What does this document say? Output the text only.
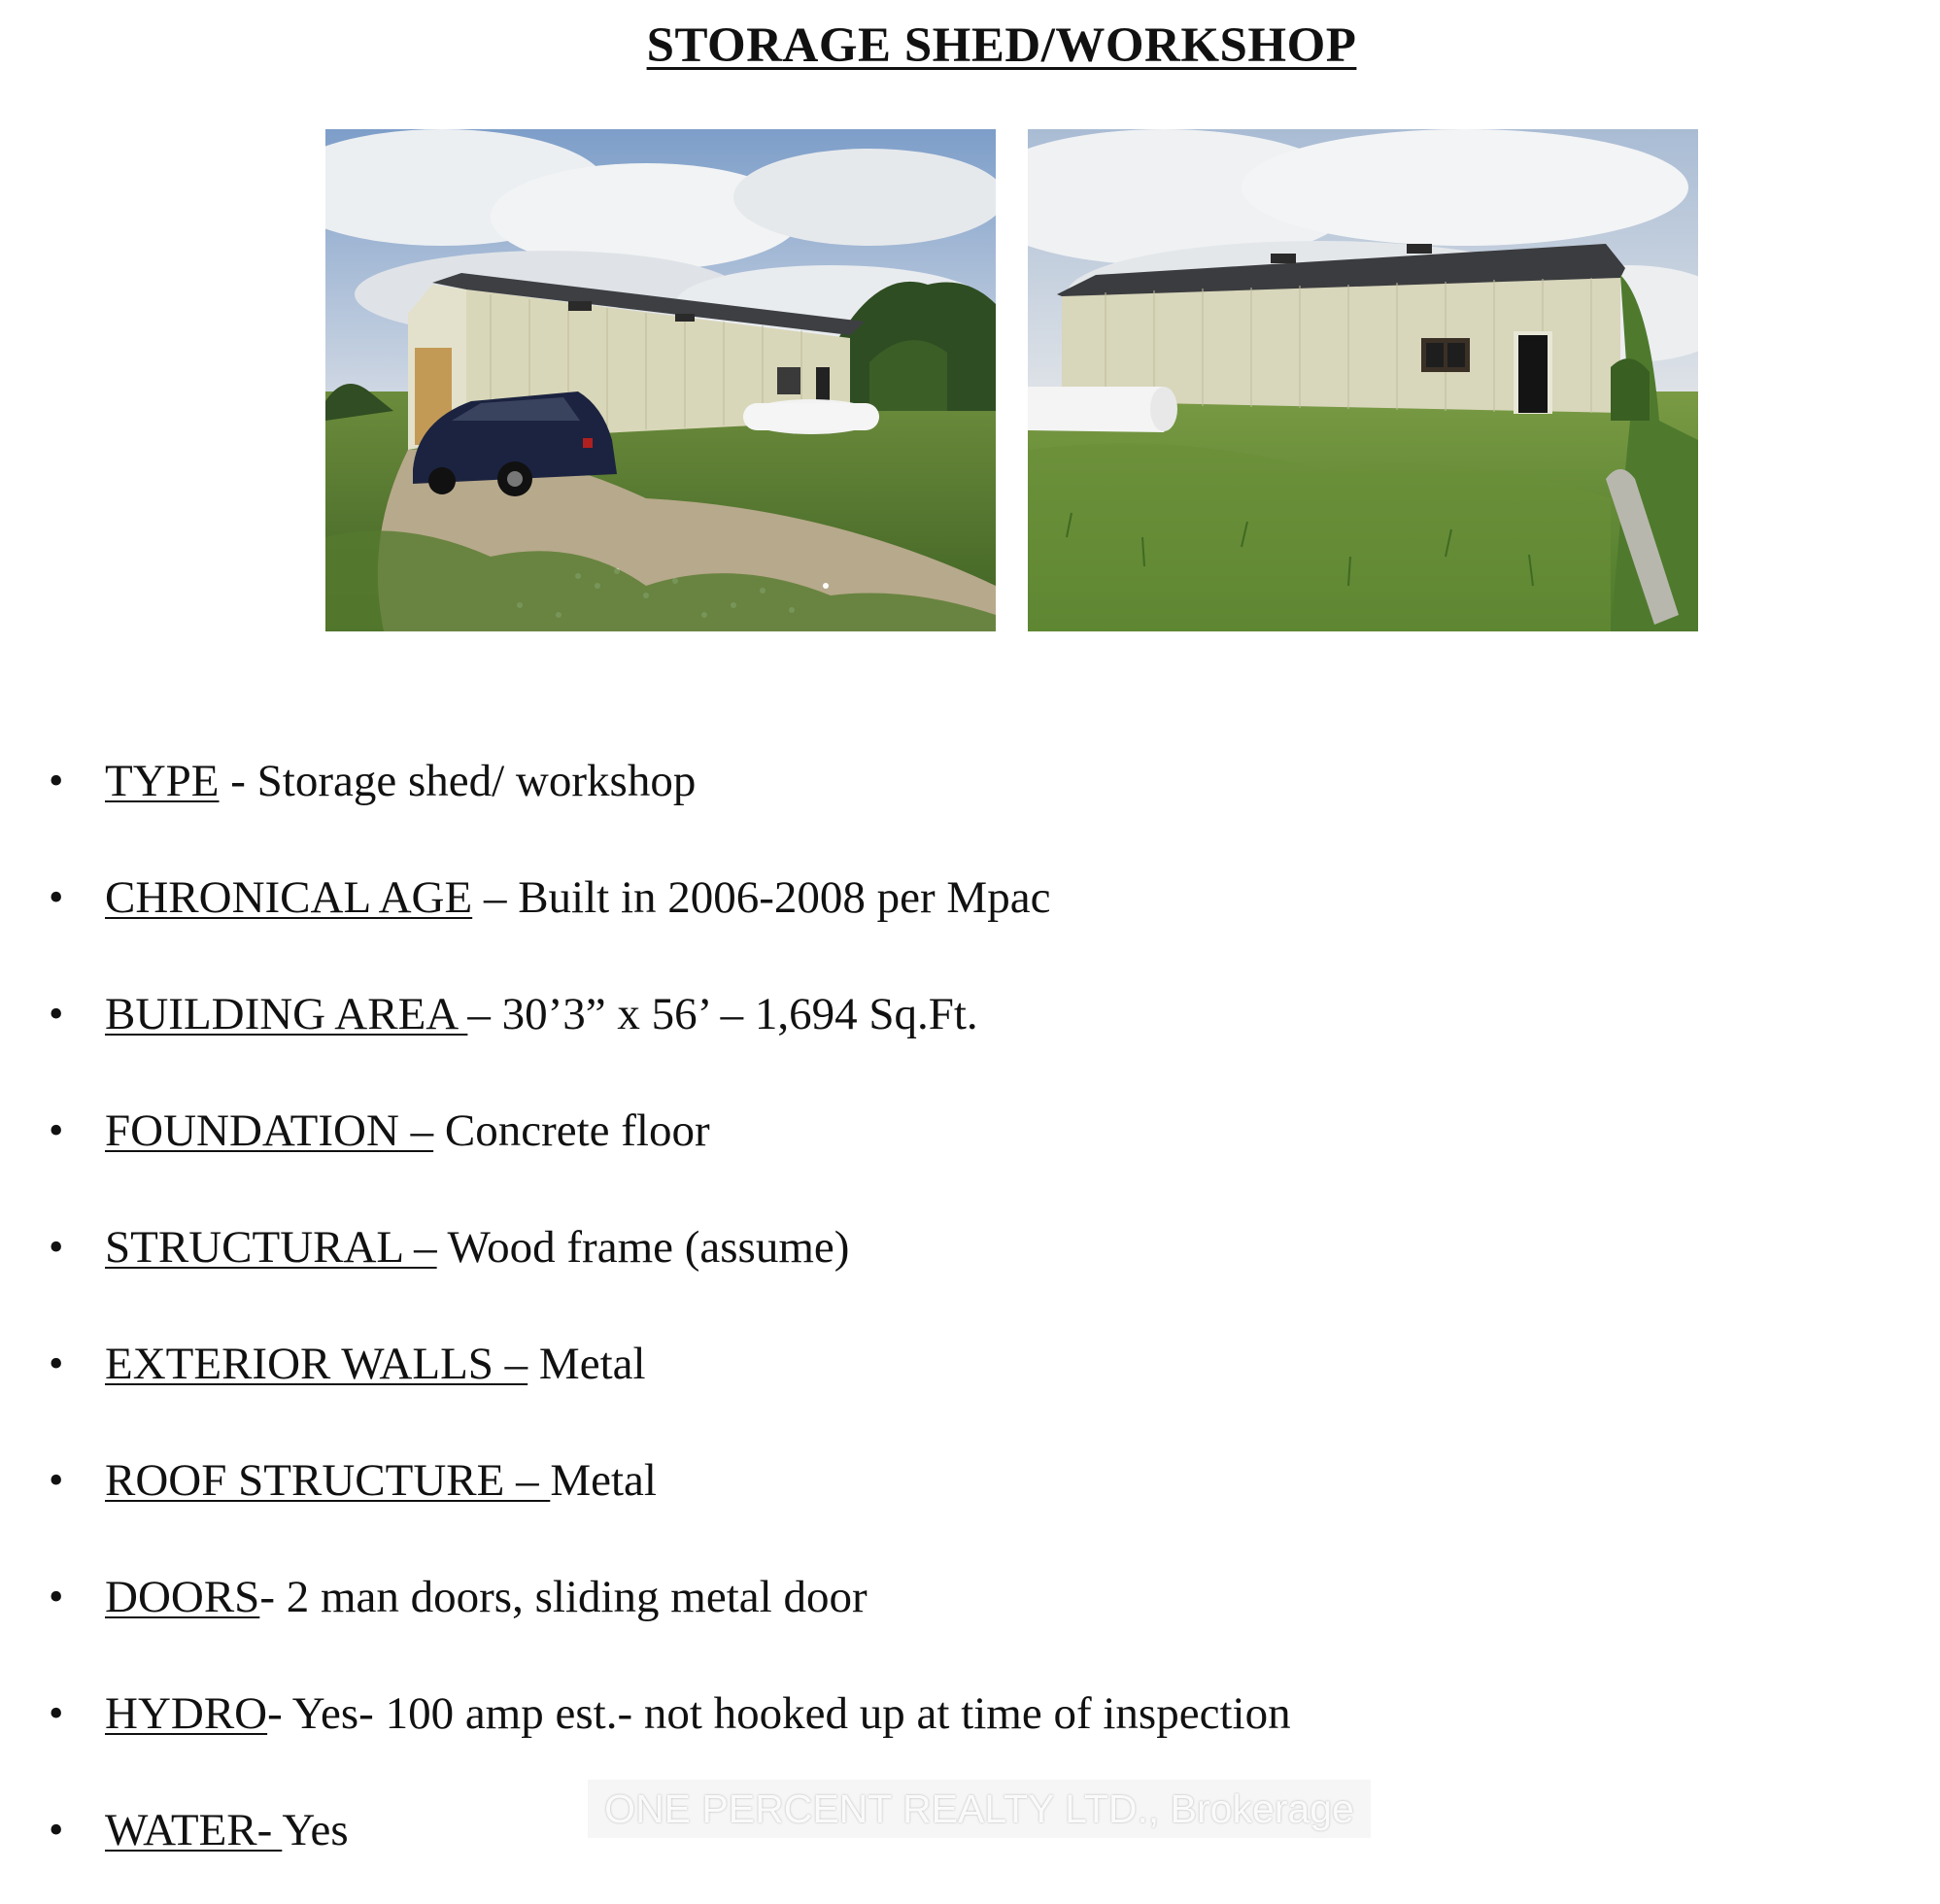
STORAGE SHED/WORKSHOP
• TYPE - Storage shed/ workshop
• CHRONICAL AGE – Built in 2006-2008 per Mpac
• BUILDING AREA – 30’3” x 56’ – 1,694 Sq.Ft.
• FOUNDATION – Concrete floor
• STRUCTURAL – Wood frame (assume)
• EXTERIOR WALLS – Metal
• ROOF STRUCTURE – Metal
• DOORS- 2 man doors, sliding metal door
• HYDRO- Yes- 100 amp est.- not hooked up at time of inspection
• WATER- Yes	ONE PERCENT REALTY LTD., Brokerage
